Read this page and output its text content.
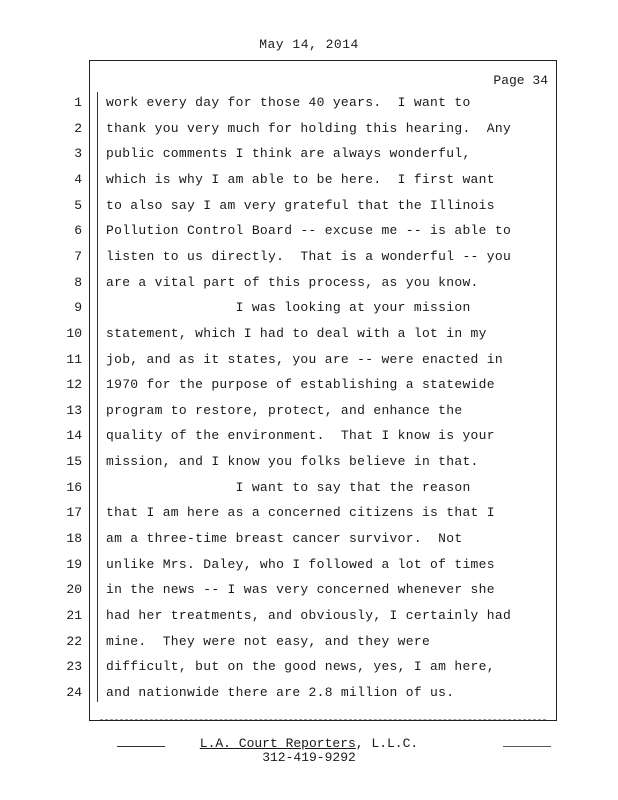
May 14, 2014
Page 34
1 work every day for those 40 years.  I want to
2 thank you very much for holding this hearing.  Any
3 public comments I think are always wonderful,
4 which is why I am able to be here.  I first want
5 to also say I am very grateful that the Illinois
6 Pollution Control Board -- excuse me -- is able to
7 listen to us directly.  That is a wonderful -- you
8 are a vital part of this process, as you know.
9 I was looking at your mission
10 statement, which I had to deal with a lot in my
11 job, and as it states, you are -- were enacted in
12 1970 for the purpose of establishing a statewide
13 program to restore, protect, and enhance the
14 quality of the environment.  That I know is your
15 mission, and I know you folks believe in that.
16 I want to say that the reason
17 that I am here as a concerned citizens is that I
18 am a three-time breast cancer survivor.  Not
19 unlike Mrs. Daley, who I followed a lot of times
20 in the news -- I was very concerned whenever she
21 had her treatments, and obviously, I certainly had
22 mine.  They were not easy, and they were
23 difficult, but on the good news, yes, I am here,
24 and nationwide there are 2.8 million of us.
L.A. Court Reporters, L.L.C.
312-419-9292
